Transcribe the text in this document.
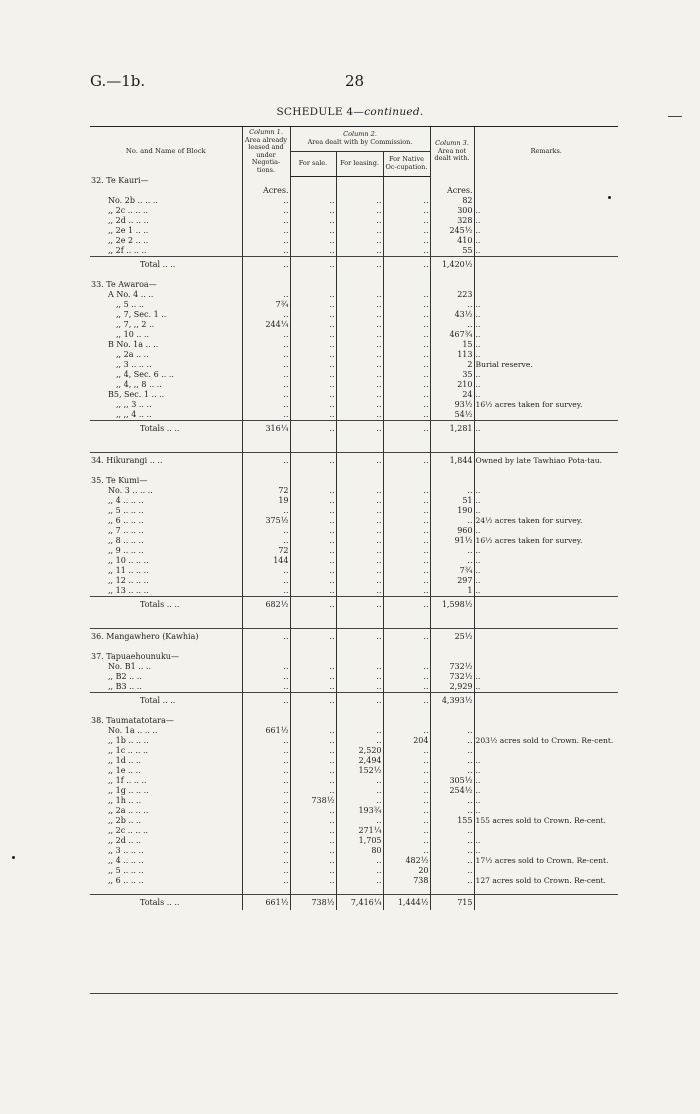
G.—1b.	28
SCHEDULE 4—continued.
No. and Name of Block	Column 1.
Area already leased and under Negotia-tions.	Column 2.
Area dealt with by Commission.			Column 3.
Area not dealt with.	Remarks.
		For sale.	For leasing.	For Native Oc-cupation.		
32. Te Kauri—						
	Acres.				Acres.	
No. 2b .. .. ..	..	..	..	..	82	
,, 2c .. .. ..	..	..	..	..	300	..
,, 2d .. .. ..	..	..	..	..	328	..
,, 2e 1 .. ..	..	..	..	..	245½	..
,, 2e 2 .. ..	..	..	..	..	410	..
,, 2f .. .. ..	..	..	..	..	55	..
Total .. ..	..	..	..	..	1,420½	

33. Te Awaroa—						
A No. 4 .. ..	..	..	..	..	223	
,, 5 .. ..	7¾	..	..	..	..	..
,, 7, Sec. 1 ..	..	..	..	..	43½	..
,, 7, ,, 2 ..	244¼	..	..	..	..	..
,, 10 .. ..	..	..	..	..	467¾	..
B No. 1a .. ..	..	..	..	..	15	..
,, 2a .. ..	..	..	..	..	113	..
,, 3 .. .. ..	..	..	..	..	2	Burial reserve.
,, 4, Sec. 6 .. ..	..	..	..	..	35	..
,, 4, ,, 8 .. ..	..	..	..	..	210	..
B5, Sec. 1 .. ..	..	..	..	..	24	..
,, ,, 3 .. ..	..	..	..	..	93½	16½ acres taken for survey.
,, ,, 4 .. ..	..	..	..	..	54½	
Totals .. ..	316¼	..	..	..	1,281	..

34. Hikurangi .. ..	..	..	..	..	1,844	Owned by late Tawhiao Pota-tau.

35. Te Kumi—						
No. 3 .. .. ..	72	..	..	..	..	..
,, 4 .. .. ..	19	..	..	..	51	..
,, 5 .. .. ..	..	..	..	..	190	..
,, 6 .. .. ..	375½	..	..	..	..	24½ acres taken for survey.
,, 7 .. .. ..	..	..	..	..	960	..
,, 8 .. .. ..	..	..	..	..	91½	16½ acres taken for survey.
,, 9 .. .. ..	72	..	..	..	..	..
,, 10 .. .. ..	144	..	..	..	..	..
,, 11 .. .. ..	..	..	..	..	7¾	..
,, 12 .. .. ..	..	..	..	..	297	..
,, 13 .. .. ..	..	..	..	..	1	..
Totals .. ..	682½	..	..	..	1,598½	

36. Mangawhero (Kawhia)	..	..	..	..	25½	

37. Tapuaehounuku—						
No. B1 .. ..	..	..	..	..	732½	
,, B2 .. ..	..	..	..	..	732½	..
,, B3 .. ..	..	..	..	..	2,929	..
Total .. ..	..	..	..	..	4,393½	

38. Taumatatotara—						
No. 1a .. .. ..	661½	..	..	..	..	
,, 1b .. .. ..	..	..	..	204	..	203½ acres sold to Crown. Re-cent.

,, 1c .. .. ..	..	..	2,520	..	..	
,, 1d .. ..	..	..	2,494	..	..	..
,, 1e .. ..	..	..	152½	..	..	..
,, 1f .. .. ..	..	..	..	..	305½	..
,, 1g .. .. ..	..	..	..	..	254½	..
,, 1h .. ..	..	738½	..	..	..	..
,, 2a .. .. ..	..	..	193¾	..	..	..
,, 2b .. ..	..	..	..	..	155	155 acres sold to Crown. Re-cent.

,, 2c .. .. ..	..	..	271¼	..	..	
,, 2d .. ..	..	..	1,705	..	..	..
,, 3 .. .. ..	..	..	80	..	..	..
,, 4 .. .. ..	..	..	..	482½	..	17½ acres sold to Crown. Re-cent.

,, 5 .. .. ..	..	..	..	20	..	
,, 6 .. .. ..	..	..	..	738	..	127 acres sold to Crown. Re-cent.

Totals .. ..	661½	738½	7,416¼	1,444½	715	
